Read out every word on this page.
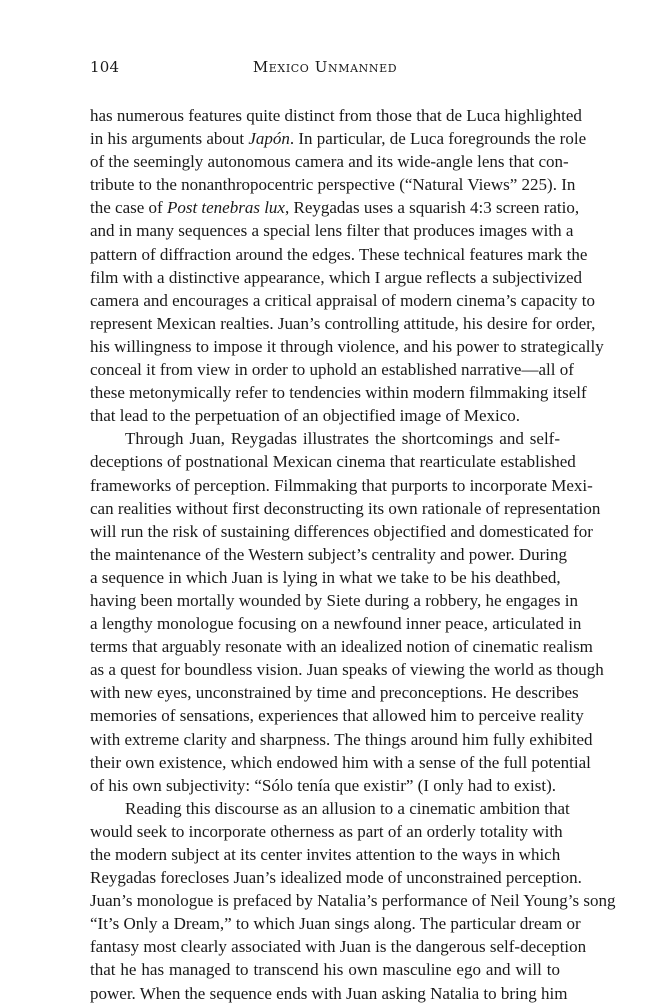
104	Mexico Unmanned
has numerous features quite distinct from those that de Luca highlighted
in his arguments about Japón. In particular, de Luca foregrounds the role
of the seemingly autonomous camera and its wide-angle lens that con-
tribute to the nonanthropocentric perspective (“Natural Views” 225). In
the case of Post tenebras lux, Reygadas uses a squarish 4:3 screen ratio,
and in many sequences a special lens filter that produces images with a
pattern of diffraction around the edges. These technical features mark the
film with a distinctive appearance, which I argue reflects a subjectivized
camera and encourages a critical appraisal of modern cinema’s capacity to
represent Mexican realties. Juan’s controlling attitude, his desire for order,
his willingness to impose it through violence, and his power to strategically
conceal it from view in order to uphold an established narrative—all of
these metonymically refer to tendencies within modern filmmaking itself
that lead to the perpetuation of an objectified image of Mexico.
Through Juan, Reygadas illustrates the shortcomings and self-
deceptions of postnational Mexican cinema that rearticulate established
frameworks of perception. Filmmaking that purports to incorporate Mexi-
can realities without first deconstructing its own rationale of representation
will run the risk of sustaining differences objectified and domesticated for
the maintenance of the Western subject’s centrality and power. During
a sequence in which Juan is lying in what we take to be his deathbed,
having been mortally wounded by Siete during a robbery, he engages in
a lengthy monologue focusing on a newfound inner peace, articulated in
terms that arguably resonate with an idealized notion of cinematic realism
as a quest for boundless vision. Juan speaks of viewing the world as though
with new eyes, unconstrained by time and preconceptions. He describes
memories of sensations, experiences that allowed him to perceive reality
with extreme clarity and sharpness. The things around him fully exhibited
their own existence, which endowed him with a sense of the full potential
of his own subjectivity: “Sólo tenía que existir” (I only had to exist).
Reading this discourse as an allusion to a cinematic ambition that
would seek to incorporate otherness as part of an orderly totality with
the modern subject at its center invites attention to the ways in which
Reygadas forecloses Juan’s idealized mode of unconstrained perception.
Juan’s monologue is prefaced by Natalia’s performance of Neil Young’s song
“It’s Only a Dream,” to which Juan sings along. The particular dream or
fantasy most clearly associated with Juan is the dangerous self-deception
that he has managed to transcend his own masculine ego and will to
power. When the sequence ends with Juan asking Natalia to bring him
